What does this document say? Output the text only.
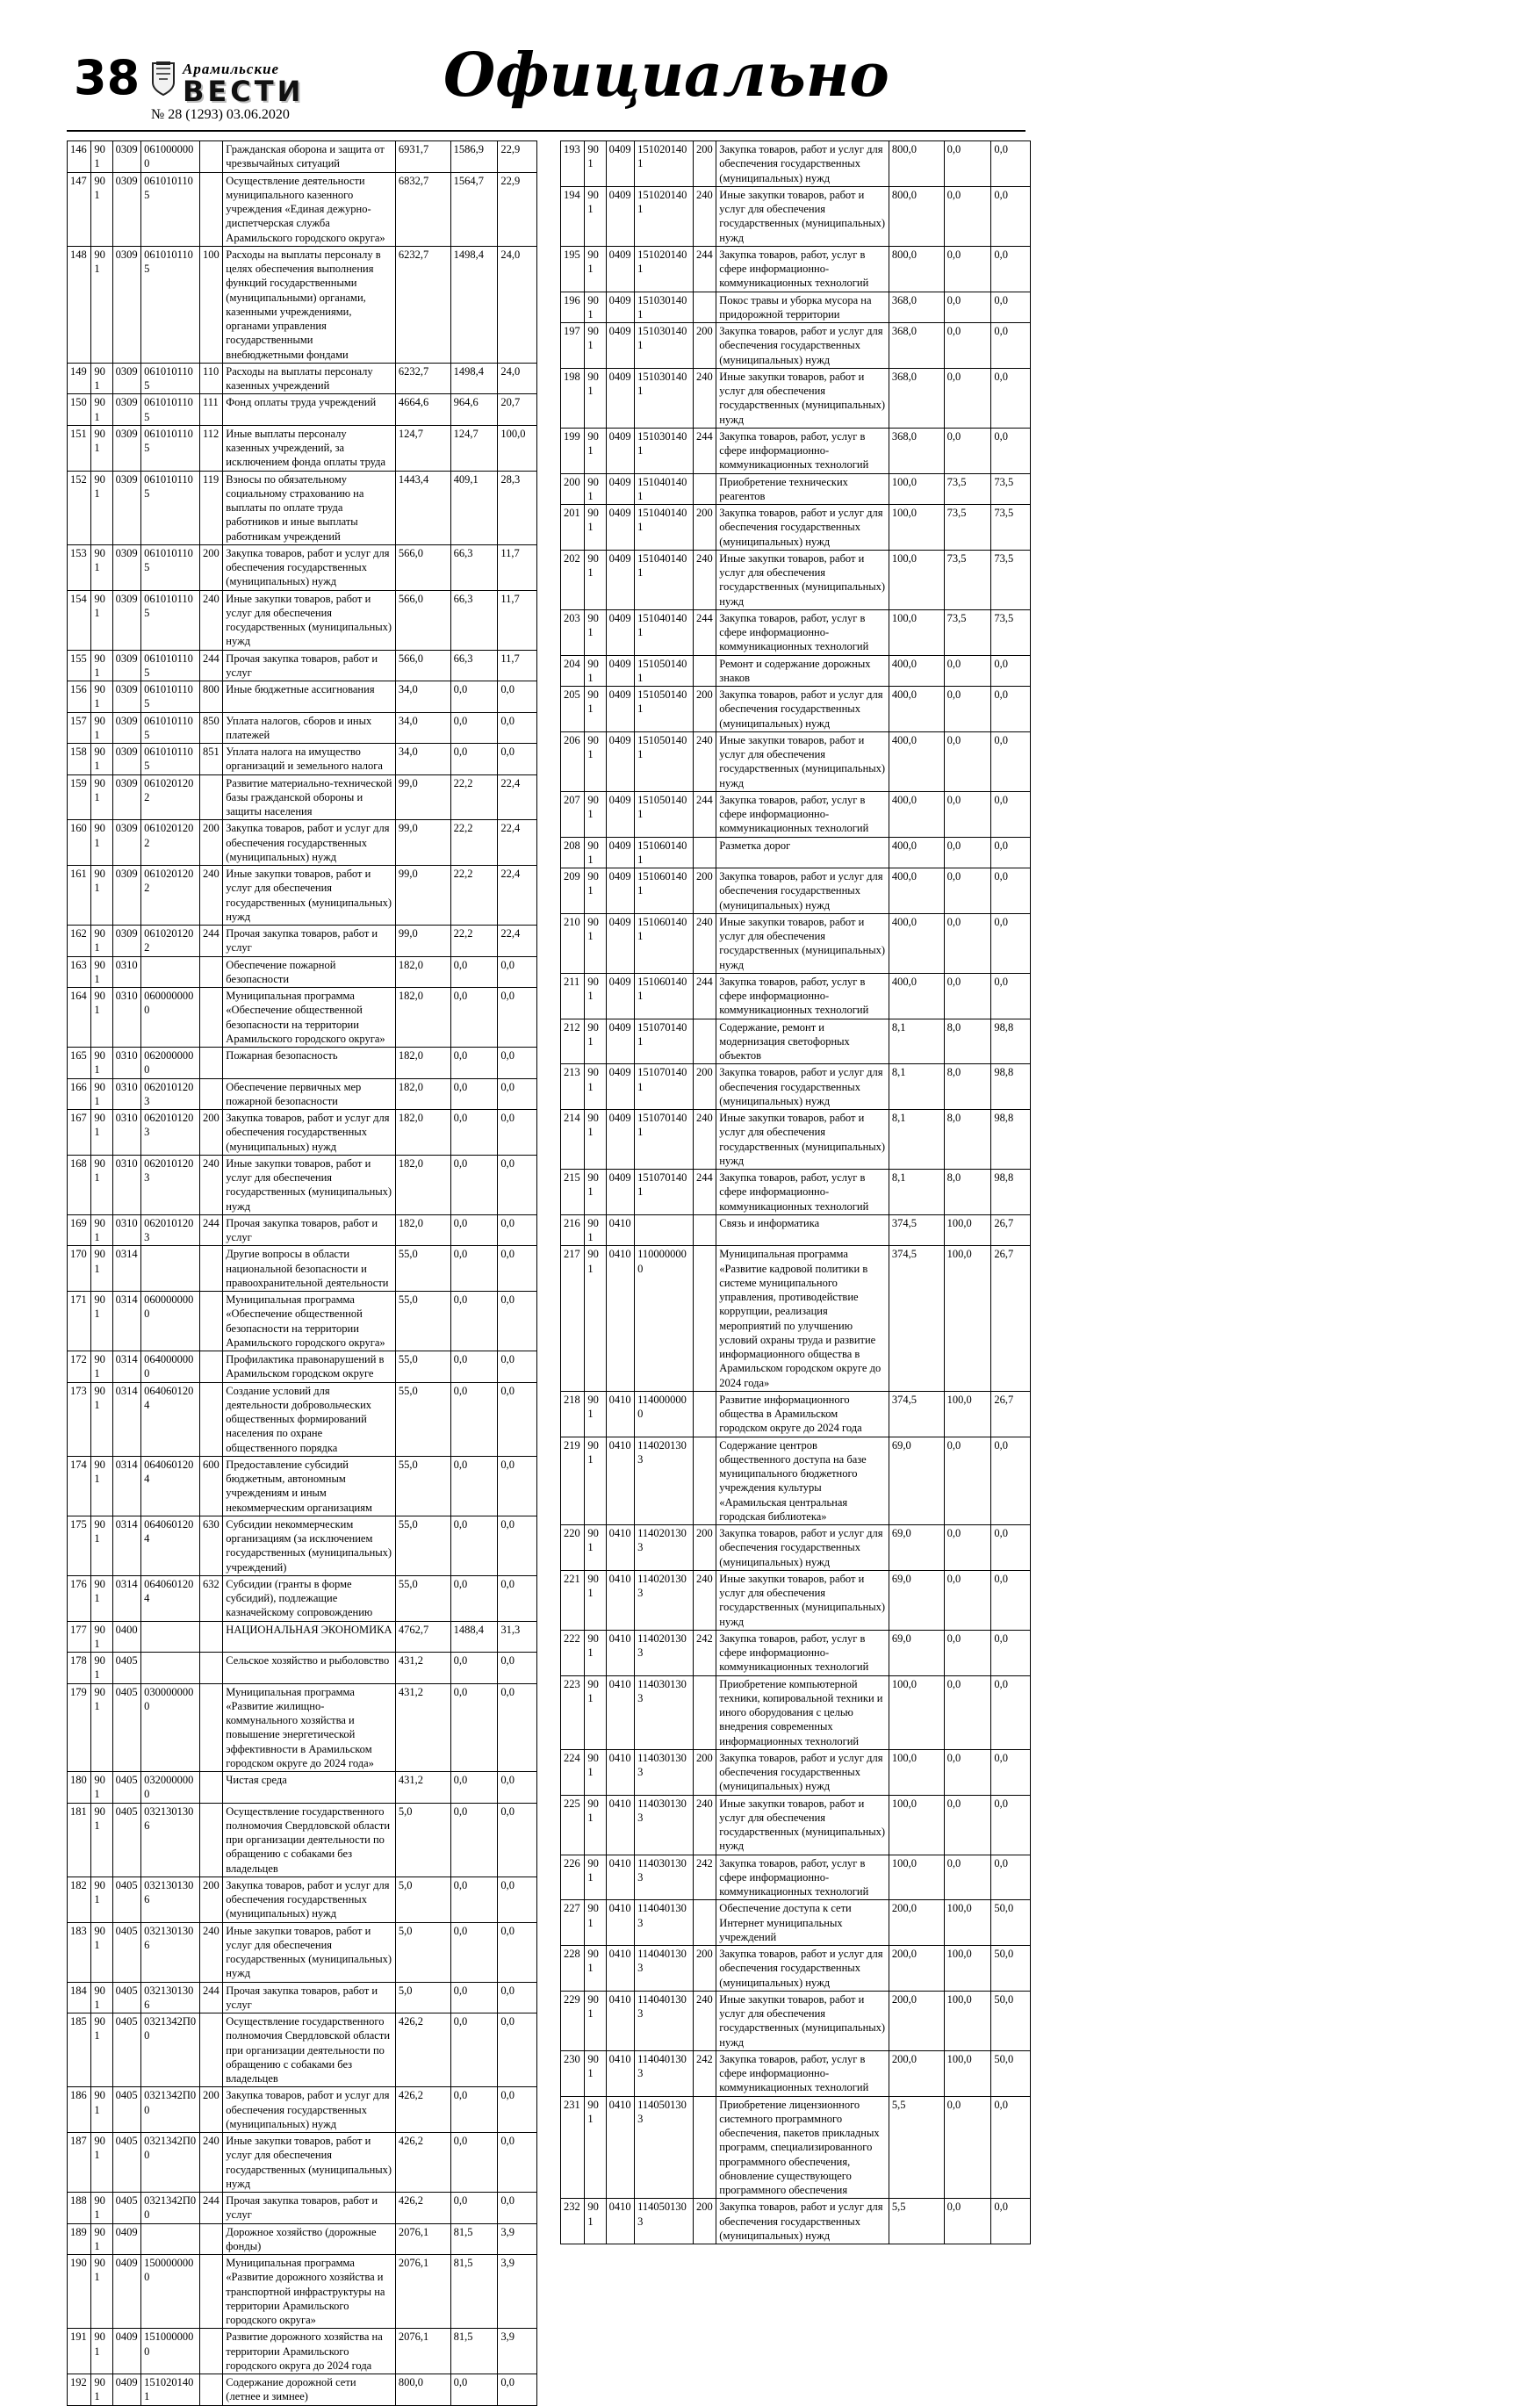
38	Арамильские
ВЕСТИ
№ 28 (1293) 03.06.2020
Официально
146	901	0309	0610000000		Гражданская оборона и защита от чрезвычайных ситуаций	6931,7	1586,9	22,9
147	901	0309	0610101105		Осуществление деятельности муниципального казенного учреждения «Единая дежурно-диспетчерская служба Арамильского городского округа»	6832,7	1564,7	22,9
148	901	0309	0610101105	100	Расходы на выплаты персоналу в целях обеспечения выполнения функций государственными (муниципальными) органами, казенными учреждениями, органами управления государственными внебюджетными фондами	6232,7	1498,4	24,0
149	901	0309	0610101105	110	Расходы на выплаты персоналу казенных учреждений	6232,7	1498,4	24,0
150	901	0309	0610101105	111	Фонд оплаты труда учреждений	4664,6	964,6	20,7
151	901	0309	0610101105	112	Иные выплаты персоналу казенных учреждений, за исключением фонда оплаты труда	124,7	124,7	100,0
152	901	0309	0610101105	119	Взносы по обязательному социальному страхованию на выплаты по оплате труда работников и иные выплаты работникам учреждений	1443,4	409,1	28,3
153	901	0309	0610101105	200	Закупка товаров, работ и услуг для обеспечения государственных (муниципальных) нужд	566,0	66,3	11,7
154	901	0309	0610101105	240	Иные закупки товаров, работ и услуг для обеспечения государственных (муниципальных) нужд	566,0	66,3	11,7
155	901	0309	0610101105	244	Прочая закупка товаров, работ и услуг	566,0	66,3	11,7
156	901	0309	0610101105	800	Иные бюджетные ассигнования	34,0	0,0	0,0
157	901	0309	0610101105	850	Уплата налогов, сборов и иных платежей	34,0	0,0	0,0
158	901	0309	0610101105	851	Уплата налога на имущество организаций и земельного налога	34,0	0,0	0,0
159	901	0309	0610201202		Развитие материально-технической базы гражданской обороны и защиты населения	99,0	22,2	22,4
160	901	0309	0610201202	200	Закупка товаров, работ и услуг для обеспечения государственных (муниципальных) нужд	99,0	22,2	22,4
161	901	0309	0610201202	240	Иные закупки товаров, работ и услуг для обеспечения государственных (муниципальных) нужд	99,0	22,2	22,4
162	901	0309	0610201202	244	Прочая закупка товаров, работ и услуг	99,0	22,2	22,4
163	901	0310			Обеспечение пожарной безопасности	182,0	0,0	0,0
164	901	0310	0600000000		Муниципальная программа «Обеспечение общественной безопасности на территории Арамильского городского округа»	182,0	0,0	0,0
165	901	0310	0620000000		Пожарная безопасность	182,0	0,0	0,0
166	901	0310	0620101203		Обеспечение первичных мер пожарной безопасности	182,0	0,0	0,0
167	901	0310	0620101203	200	Закупка товаров, работ и услуг для обеспечения государственных (муниципальных) нужд	182,0	0,0	0,0
168	901	0310	0620101203	240	Иные закупки товаров, работ и услуг для обеспечения государственных (муниципальных) нужд	182,0	0,0	0,0
169	901	0310	0620101203	244	Прочая закупка товаров, работ и услуг	182,0	0,0	0,0
170	901	0314			Другие вопросы в области национальной безопасности и правоохранительной деятельности	55,0	0,0	0,0
171	901	0314	0600000000		Муниципальная программа «Обеспечение общественной безопасности на территории Арамильского городского округа»	55,0	0,0	0,0
172	901	0314	0640000000		Профилактика правонарушений в Арамильском городском округе	55,0	0,0	0,0
173	901	0314	0640601204		Создание условий для деятельности добровольческих общественных формирований населения по охране общественного порядка	55,0	0,0	0,0
174	901	0314	0640601204	600	Предоставление субсидий бюджетным, автономным учреждениям и иным некоммерческим организациям	55,0	0,0	0,0
175	901	0314	0640601204	630	Субсидии некоммерческим организациям (за исключением государственных (муниципальных) учреждений)	55,0	0,0	0,0
176	901	0314	0640601204	632	Субсидии (гранты в форме субсидий), подлежащие казначейскому сопровождению	55,0	0,0	0,0
177	901	0400			НАЦИОНАЛЬНАЯ ЭКОНОМИКА	4762,7	1488,4	31,3
178	901	0405			Сельское хозяйство и рыболовство	431,2	0,0	0,0
179	901	0405	0300000000		Муниципальная программа «Развитие жилищно-коммунального хозяйства и повышение энергетической эффективности в Арамильском городском округе до 2024 года»	431,2	0,0	0,0
180	901	0405	0320000000		Чистая среда	431,2	0,0	0,0
181	901	0405	0321301306		Осуществление государственного полномочия Свердловской области при организации деятельности по обращению с собаками без владельцев	5,0	0,0	0,0
182	901	0405	0321301306	200	Закупка товаров, работ и услуг для обеспечения государственных (муниципальных) нужд	5,0	0,0	0,0
183	901	0405	0321301306	240	Иные закупки товаров, работ и услуг для обеспечения государственных (муниципальных) нужд	5,0	0,0	0,0
184	901	0405	0321301306	244	Прочая закупка товаров, работ и услуг	5,0	0,0	0,0
185	901	0405	0321342П00		Осуществление государственного полномочия Свердловской области при организации деятельности по обращению с собаками без владельцев	426,2	0,0	0,0
186	901	0405	0321342П00	200	Закупка товаров, работ и услуг для обеспечения государственных (муниципальных) нужд	426,2	0,0	0,0
187	901	0405	0321342П00	240	Иные закупки товаров, работ и услуг для обеспечения государственных (муниципальных) нужд	426,2	0,0	0,0
188	901	0405	0321342П00	244	Прочая закупка товаров, работ и услуг	426,2	0,0	0,0
189	901	0409			Дорожное хозяйство (дорожные фонды)	2076,1	81,5	3,9
190	901	0409	1500000000		Муниципальная программа «Развитие дорожного хозяйства и транспортной инфраструктуры на территории Арамильского городского округа»	2076,1	81,5	3,9
191	901	0409	1510000000		Развитие дорожного хозяйства на территории Арамильского городского округа до 2024 года	2076,1	81,5	3,9
192	901	0409	1510201401		Содержание дорожной сети (летнее и зимнее)	800,0	0,0	0,0
193	901	0409	1510201401	200	Закупка товаров, работ и услуг для обеспечения государственных (муниципальных) нужд	800,0	0,0	0,0
194	901	0409	1510201401	240	Иные закупки товаров, работ и услуг для обеспечения государственных (муниципальных) нужд	800,0	0,0	0,0
195	901	0409	1510201401	244	Закупка товаров, работ, услуг в сфере информационно-коммуникационных технологий	800,0	0,0	0,0
196	901	0409	1510301401		Покос травы и уборка мусора на придорожной территории	368,0	0,0	0,0
197	901	0409	1510301401	200	Закупка товаров, работ и услуг для обеспечения государственных (муниципальных) нужд	368,0	0,0	0,0
198	901	0409	1510301401	240	Иные закупки товаров, работ и услуг для обеспечения государственных (муниципальных) нужд	368,0	0,0	0,0
199	901	0409	1510301401	244	Закупка товаров, работ, услуг в сфере информационно-коммуникационных технологий	368,0	0,0	0,0
200	901	0409	1510401401		Приобретение технических реагентов	100,0	73,5	73,5
201	901	0409	1510401401	200	Закупка товаров, работ и услуг для обеспечения государственных (муниципальных) нужд	100,0	73,5	73,5
202	901	0409	1510401401	240	Иные закупки товаров, работ и услуг для обеспечения государственных (муниципальных) нужд	100,0	73,5	73,5
203	901	0409	1510401401	244	Закупка товаров, работ, услуг в сфере информационно-коммуникационных технологий	100,0	73,5	73,5
204	901	0409	1510501401		Ремонт и содержание дорожных знаков	400,0	0,0	0,0
205	901	0409	1510501401	200	Закупка товаров, работ и услуг для обеспечения государственных (муниципальных) нужд	400,0	0,0	0,0
206	901	0409	1510501401	240	Иные закупки товаров, работ и услуг для обеспечения государственных (муниципальных) нужд	400,0	0,0	0,0
207	901	0409	1510501401	244	Закупка товаров, работ, услуг в сфере информационно-коммуникационных технологий	400,0	0,0	0,0
208	901	0409	1510601401		Разметка дорог	400,0	0,0	0,0
209	901	0409	1510601401	200	Закупка товаров, работ и услуг для обеспечения государственных (муниципальных) нужд	400,0	0,0	0,0
210	901	0409	1510601401	240	Иные закупки товаров, работ и услуг для обеспечения государственных (муниципальных) нужд	400,0	0,0	0,0
211	901	0409	1510601401	244	Закупка товаров, работ, услуг в сфере информационно-коммуникационных технологий	400,0	0,0	0,0
212	901	0409	1510701401		Содержание, ремонт и модернизация светофорных объектов	8,1	8,0	98,8
213	901	0409	1510701401	200	Закупка товаров, работ и услуг для обеспечения государственных (муниципальных) нужд	8,1	8,0	98,8
214	901	0409	1510701401	240	Иные закупки товаров, работ и услуг для обеспечения государственных (муниципальных) нужд	8,1	8,0	98,8
215	901	0409	1510701401	244	Закупка товаров, работ, услуг в сфере информационно-коммуникационных технологий	8,1	8,0	98,8
216	901	0410			Связь и информатика	374,5	100,0	26,7
217	901	0410	1100000000		Муниципальная программа «Развитие кадровой политики в системе муниципального управления, противодействие коррупции, реализация мероприятий по улучшению условий охраны труда и развитие информационного общества в Арамильском городском округе до 2024 года»	374,5	100,0	26,7
218	901	0410	1140000000		Развитие информационного общества в Арамильском городском округе до 2024 года	374,5	100,0	26,7
219	901	0410	1140201303		Содержание центров общественного доступа на базе муниципального бюджетного учреждения культуры «Арамильская центральная городская библиотека»	69,0	0,0	0,0
220	901	0410	1140201303	200	Закупка товаров, работ и услуг для обеспечения государственных (муниципальных) нужд	69,0	0,0	0,0
221	901	0410	1140201303	240	Иные закупки товаров, работ и услуг для обеспечения государственных (муниципальных) нужд	69,0	0,0	0,0
222	901	0410	1140201303	242	Закупка товаров, работ, услуг в сфере информационно-коммуникационных технологий	69,0	0,0	0,0
223	901	0410	1140301303		Приобретение компьютерной техники, копировальной техники и иного оборудования с целью внедрения современных информационных технологий	100,0	0,0	0,0
224	901	0410	1140301303	200	Закупка товаров, работ и услуг для обеспечения государственных (муниципальных) нужд	100,0	0,0	0,0
225	901	0410	1140301303	240	Иные закупки товаров, работ и услуг для обеспечения государственных (муниципальных) нужд	100,0	0,0	0,0
226	901	0410	1140301303	242	Закупка товаров, работ, услуг в сфере информационно-коммуникационных технологий	100,0	0,0	0,0
227	901	0410	1140401303		Обеспечение доступа к сети Интернет муниципальных учреждений	200,0	100,0	50,0
228	901	0410	1140401303	200	Закупка товаров, работ и услуг для обеспечения государственных (муниципальных) нужд	200,0	100,0	50,0
229	901	0410	1140401303	240	Иные закупки товаров, работ и услуг для обеспечения государственных (муниципальных) нужд	200,0	100,0	50,0
230	901	0410	1140401303	242	Закупка товаров, работ, услуг в сфере информационно-коммуникационных технологий	200,0	100,0	50,0
231	901	0410	1140501303		Приобретение лицензионного системного программного обеспечения, пакетов прикладных программ, специализированного программного обеспечения, обновление существующего программного обеспечения	5,5	0,0	0,0
232	901	0410	1140501303	200	Закупка товаров, работ и услуг для обеспечения государственных (муниципальных) нужд	5,5	0,0	0,0
